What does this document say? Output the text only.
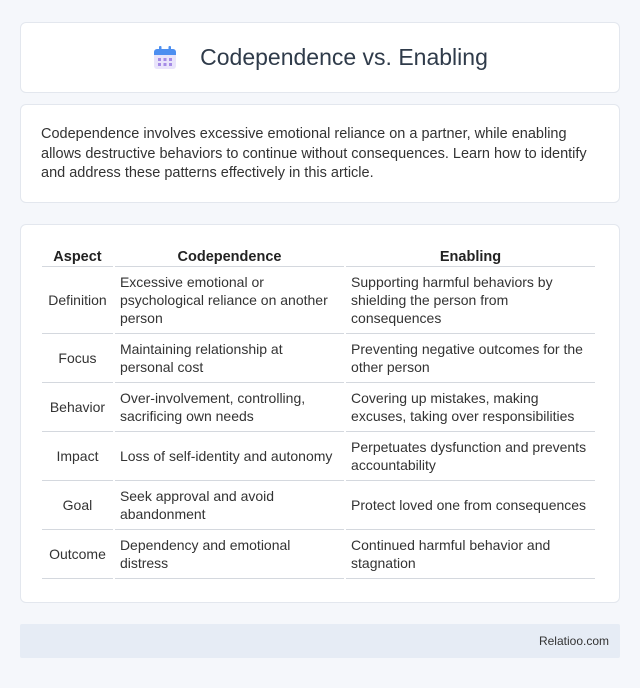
Codependence vs. Enabling

Codependence involves excessive emotional reliance on a partner, while enabling allows destructive behaviors to continue without consequences. Learn how to identify and address these patterns effectively in this article.

Aspect	Codependence	Enabling
Definition	Excessive emotional or psychological reliance on another person	Supporting harmful behaviors by shielding the person from consequences
Focus	Maintaining relationship at personal cost	Preventing negative outcomes for the other person
Behavior	Over-involvement, controlling, sacrificing own needs	Covering up mistakes, making excuses, taking over responsibilities
Impact	Loss of self-identity and autonomy	Perpetuates dysfunction and prevents accountability
Goal	Seek approval and avoid abandonment	Protect loved one from consequences
Outcome	Dependency and emotional distress	Continued harmful behavior and stagnation
Relatioo.com
